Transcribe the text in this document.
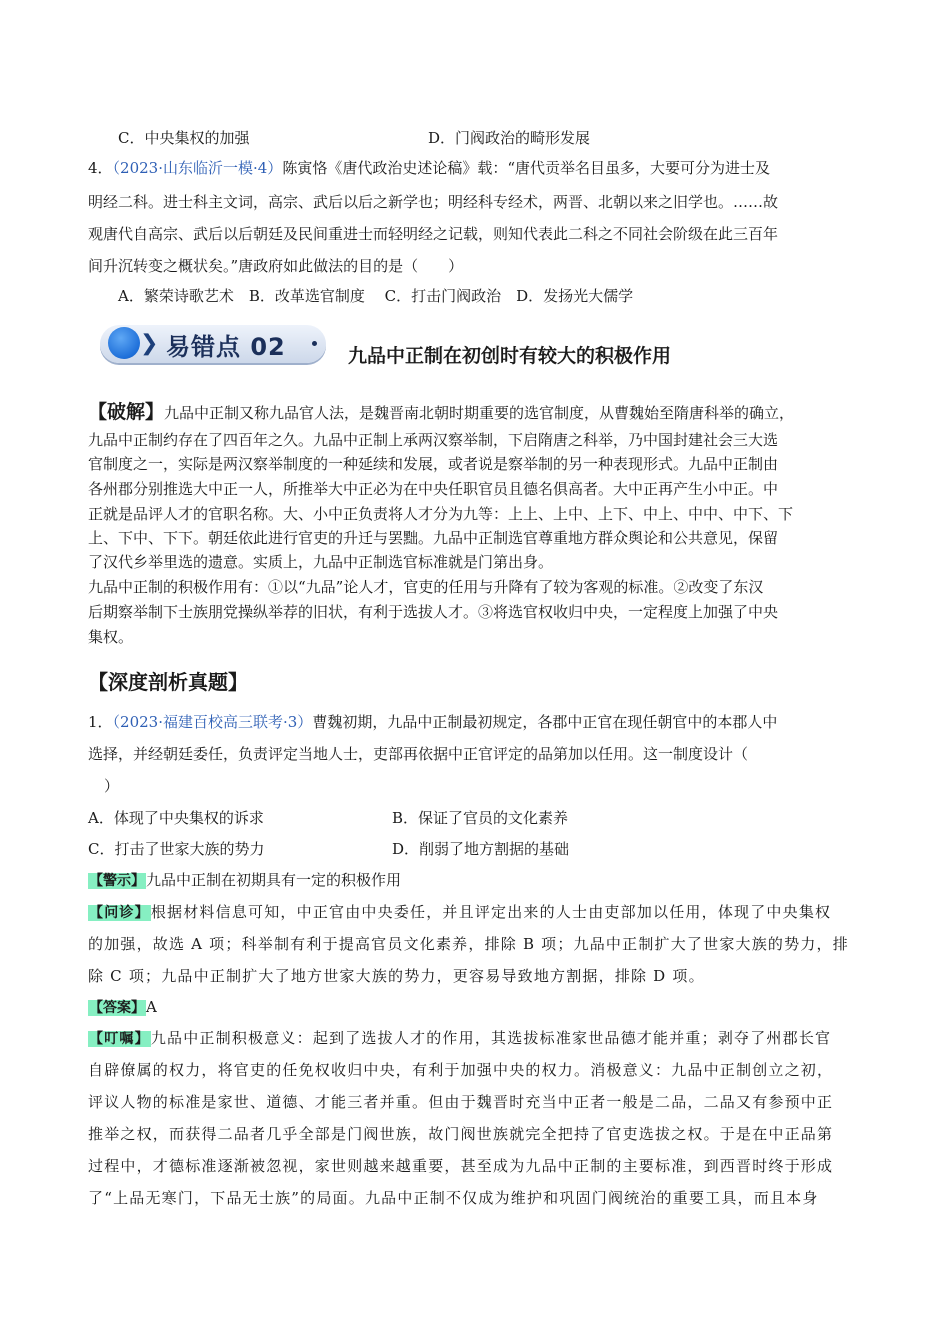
C．中央集权的加强	D．门阀政治的畸形发展
4．（2023·山东临沂一模·4）陈寅恪《唐代政治史述论稿》载：“唐代贡举名目虽多，大要可分为进士及
明经二科。进士科主文词，高宗、武后以后之新学也；明经科专经术，两晋、北朝以来之旧学也。……故
观唐代自高宗、武后以后朝廷及民间重进士而轻明经之记载，则知代表此二科之不同社会阶级在此三百年
间升沉转变之概状矣。”唐政府如此做法的目的是（　　）
A．繁荣诗歌艺术　B．改革选官制度　 C．打击门阀政治　D．发扬光大儒学
❯ 易错点 02	九品中正制在初创时有较大的积极作用
【破解】九品中正制又称九品官人法，是魏晋南北朝时期重要的选官制度，从曹魏始至隋唐科举的确立，
九品中正制约存在了四百年之久。九品中正制上承两汉察举制，下启隋唐之科举，乃中国封建社会三大选
官制度之一，实际是两汉察举制度的一种延续和发展，或者说是察举制的另一种表现形式。九品中正制由
各州郡分别推选大中正一人，所推举大中正必为在中央任职官员且德名俱高者。大中正再产生小中正。中
正就是品评人才的官职名称。大、小中正负责将人才分为九等：上上、上中、上下、中上、中中、中下、下
上、下中、下下。朝廷依此进行官吏的升迁与罢黜。九品中正制选官尊重地方群众舆论和公共意见，保留
了汉代乡举里选的遗意。实质上，九品中正制选官标准就是门第出身。
九品中正制的积极作用有：①以“九品”论人才，官吏的任用与升降有了较为客观的标准。②改变了东汉
后期察举制下士族朋党操纵举荐的旧状，有利于选拔人才。③将选官权收归中央，一定程度上加强了中央
集权。
【深度剖析真题】
1．（2023·福建百校高三联考·3）曹魏初期，九品中正制最初规定，各郡中正官在现任朝官中的本郡人中
选择，并经朝廷委任，负责评定当地人士，吏部再依据中正官评定的品第加以任用。这一制度设计（
）
A．体现了中央集权的诉求	B．保证了官员的文化素养
C．打击了世家大族的势力	D．削弱了地方割据的基础
【警示】九品中正制在初期具有一定的积极作用
【问诊】根据材料信息可知，中正官由中央委任，并且评定出来的人士由吏部加以任用，体现了中央集权
的加强，故选 A 项；科举制有利于提高官员文化素养，排除 B 项；九品中正制扩大了世家大族的势力，排
除 C 项；九品中正制扩大了地方世家大族的势力，更容易导致地方割据，排除 D 项。
【答案】A
【叮嘱】九品中正制积极意义：起到了选拔人才的作用，其选拔标准家世品德才能并重；剥夺了州郡长官
自辟僚属的权力，将官吏的任免权收归中央，有利于加强中央的权力。消极意义：九品中正制创立之初，
评议人物的标准是家世、道德、才能三者并重。但由于魏晋时充当中正者一般是二品，二品又有参预中正
推举之权，而获得二品者几乎全部是门阀世族，故门阀世族就完全把持了官吏选拔之权。于是在中正品第
过程中，才德标准逐渐被忽视，家世则越来越重要，甚至成为九品中正制的主要标准，到西晋时终于形成
了“上品无寒门，下品无士族”的局面。九品中正制不仅成为维护和巩固门阀统治的重要工具，而且本身
